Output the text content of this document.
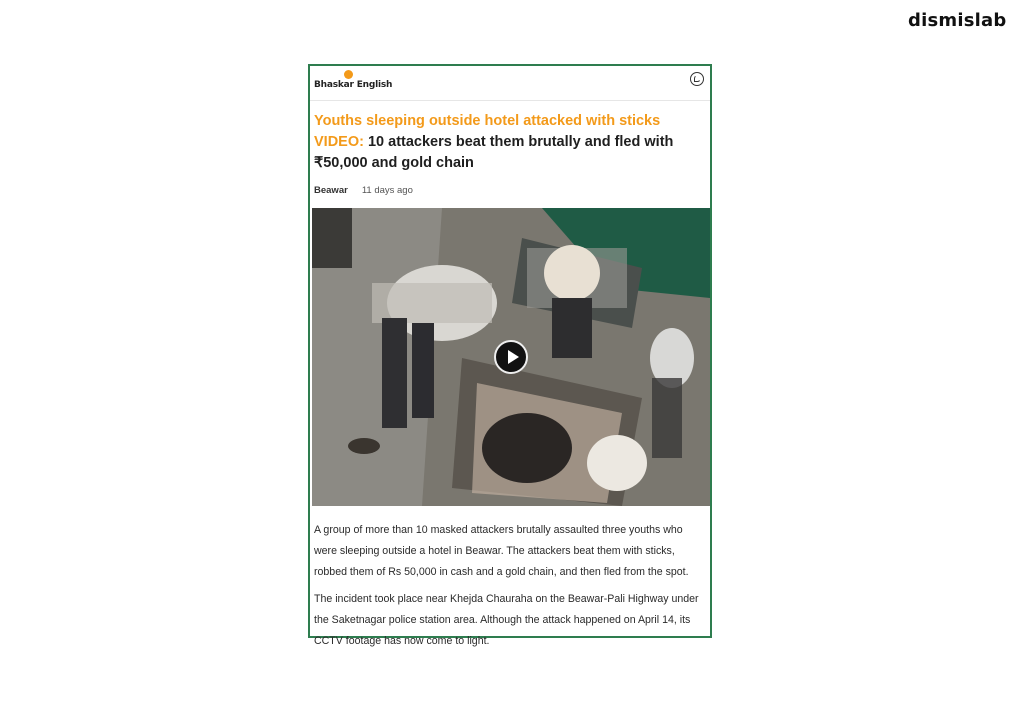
dismislab
Bhaskar English
Youths sleeping outside hotel attacked with sticks VIDEO: 10 attackers beat them brutally and fled with ₹50,000 and gold chain
Beawar 11 days ago

A group of more than 10 masked attackers brutally assaulted three youths who were sleeping outside a hotel in Beawar. The attackers beat them with sticks, robbed them of Rs 50,000 in cash and a gold chain, and then fled from the spot.

The incident took place near Khejda Chauraha on the Beawar-Pali Highway under the Saketnagar police station area. Although the attack happened on April 14, its CCTV footage has now come to light.
